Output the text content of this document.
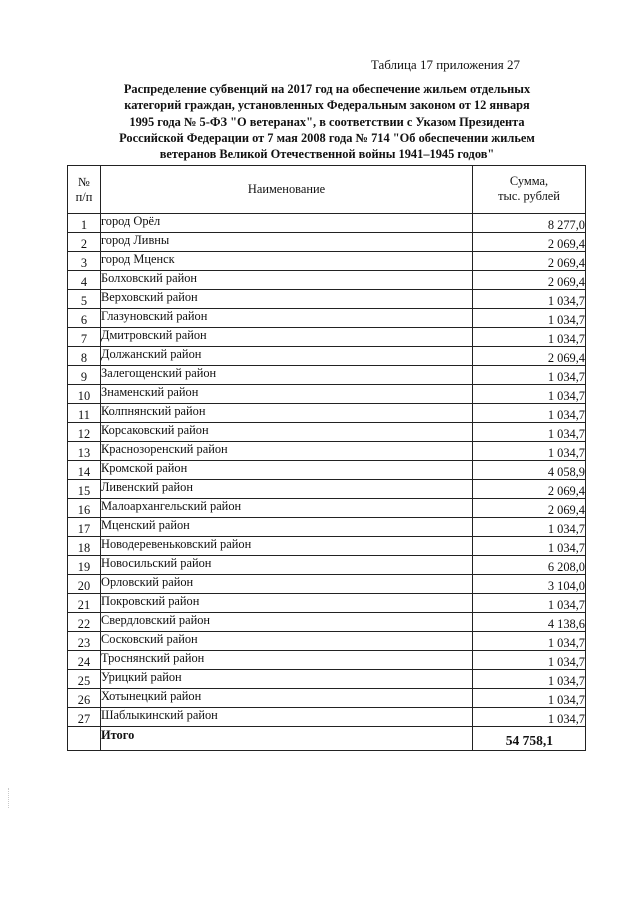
Таблица 17 приложения 27
Распределение субвенций на 2017 год на обеспечение жильем отдельных
категорий граждан, установленных Федеральным законом от 12 января
1995 года № 5-ФЗ "О ветеранах", в соответствии с Указом Президента
Российской Федерации от 7 мая 2008 года № 714 "Об обеспечении жильем
ветеранов Великой Отечественной войны 1941–1945 годов"
№
п/п	Наименование	Сумма,
тыс. рублей
1	город Орёл	8 277,0
2	город Ливны	2 069,4
3	город Мценск	2 069,4
4	Болховский район	2 069,4
5	Верховский район	1 034,7
6	Глазуновский район	1 034,7
7	Дмитровский район	1 034,7
8	Должанский район	2 069,4
9	Залегощенский район	1 034,7
10	Знаменский район	1 034,7
11	Колпнянский район	1 034,7
12	Корсаковский район	1 034,7
13	Краснозоренский район	1 034,7
14	Кромской район	4 058,9
15	Ливенский район	2 069,4
16	Малоархангельский район	2 069,4
17	Мценский район	1 034,7
18	Новодеревеньковский район	1 034,7
19	Новосильский район	6 208,0
20	Орловский район	3 104,0
21	Покровский район	1 034,7
22	Свердловский район	4 138,6
23	Сосковский район	1 034,7
24	Троснянский район	1 034,7
25	Урицкий район	1 034,7
26	Хотынецкий район	1 034,7
27	Шаблыкинский район	1 034,7
	Итого	54 758,1
